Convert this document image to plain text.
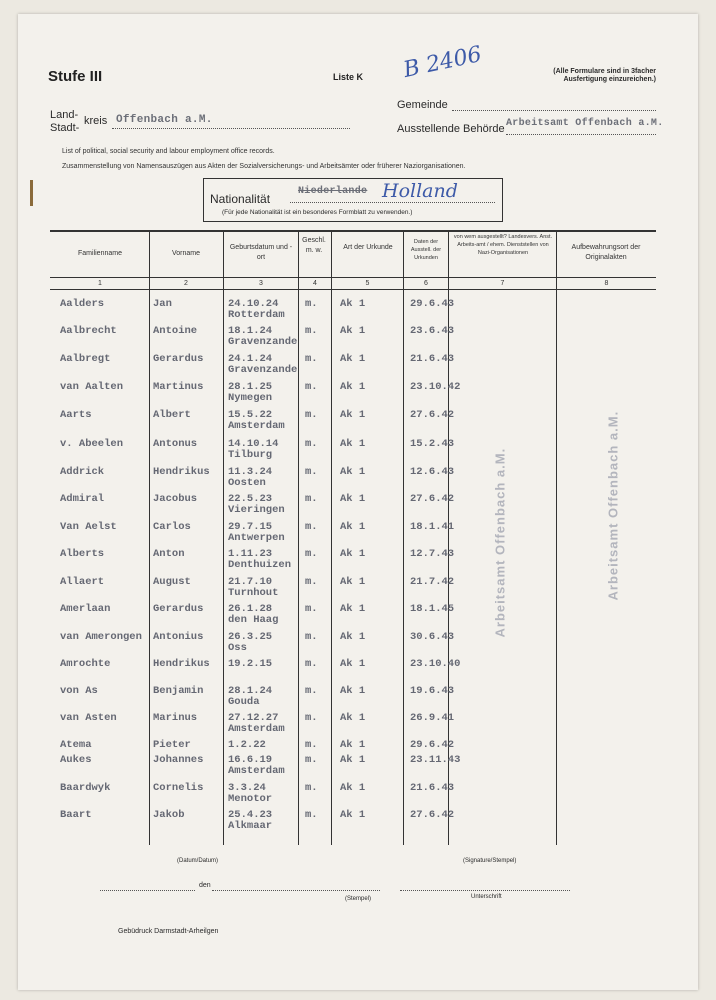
Stufe III	Liste K B 2406	(Alle Formulare sind in 3facher
Ausfertigung einzureichen.)
Land-
Stadt-
kreis Offenbach a.M.
Gemeinde
Ausstellende Behörde Arbeitsamt Offenbach a.M.
List of political, social security and labour employment office records.
Zusammenstellung von Namensauszügen aus Akten der Sozialversicherungs- und Arbeitsämter oder früherer Naziorganisationen.
Nationalität
Niederlande Holland
(Für jede Nationalität ist ein besonderes Formblatt zu verwenden.)
Familienname	Vorname
Geburtsdatum und -ort
Geschl. m. w.	Art der Urkunde
Daten der Ausstell. der Urkunden
von wem ausgestellt? Landesvers. Anst. Arbeits-amt / ehem. Dienststellen von Nazi-Organisationen
Aufbewahrungsort der Originalakten
1	2	3	4	5	6	7	8
Aalders	Jan	24.10.24	m. Ak 1	29.6.43
Rotterdam
Aalbrecht	Antoine	18.1.24	m. Ak 1	23.6.43
Gravenzande
Aalbregt	Gerardus 24.1.24	m. Ak 1	21.6.43
Gravenzande
van Aalten	Martinus 28.1.25	m. Ak 1	23.10.42
Nymegen
Aarts	Albert	15.5.22	m. Ak 1	27.6.42
Amsterdam
v. Abeelen	Antonus	14.10.14	m. Ak 1	15.2.43
Tilburg
Addrick	Hendrikus 11.3.24	m. Ak 1	12.6.43
Oosten
Admiral	Jacobus	22.5.23	m. Ak 1	27.6.42
Vieringen
Van Aelst	Carlos	29.7.15	m. Ak 1	18.1.41
Antwerpen
Alberts	Anton	1.11.23	m. Ak 1	12.7.43
Denthuizen
Allaert	August	21.7.10	m. Ak 1	21.7.42
Turnhout
Amerlaan	Gerardus 26.1.28	m. Ak 1	18.1.45
den Haag
van Amerongen Antonius 26.3.25	m. Ak 1	30.6.43
Oss
Amrochte	Hendrikus 19.2.15	m. Ak 1	23.10.40
von As	Benjamin 28.1.24	m. Ak 1	19.6.43
Gouda
van Asten	Marinus	27.12.27	m. Ak 1	26.9.41
Amsterdam
Atema	Pieter	1.2.22	m. Ak 1	29.6.42
Aukes	Johannes 16.6.19	m. Ak 1	23.11.43
Amsterdam
Baardwyk	Cornelis 3.3.24	m. Ak 1	21.6.43
Menotor
Baart	Jakob	25.4.23	m. Ak 1	27.6.42
Alkmaar
Arbeitsamt Offenbach a.M.	Arbeitsamt Offenbach a.M.
(Datum/Datum)	(Signature/Stempel)
den
(Stempel)	Unterschrift
Gebüdruck Darmstadt-Arheilgen
